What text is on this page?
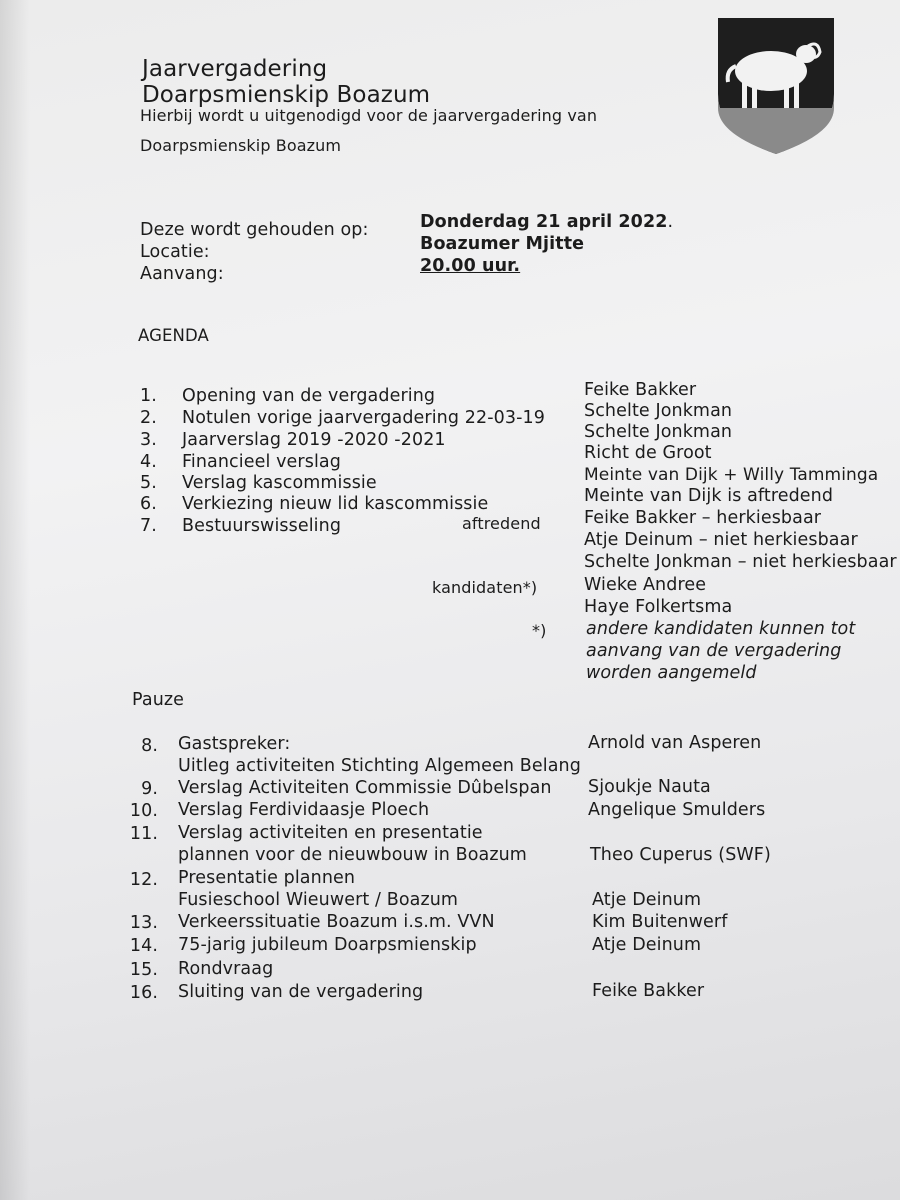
Jaarvergadering
Doarpsmienskip Boazum
Hierbij wordt u uitgenodigd voor de jaarvergadering van
Doarpsmienskip Boazum
Deze wordt gehouden op:	Donderdag 21 april 2022.
Locatie:	Boazumer Mjitte
Aanvang:	20.00 uur.
AGENDA
1. Opening van de vergadering	Feike Bakker
2. Notulen vorige jaarvergadering 22-03-19 Schelte Jonkman
3. Jaarverslag 2019 -2020 -2021	Schelte Jonkman
4. Financieel verslag	Richt de Groot
5. Verslag kascommissie	Meinte van Dijk + Willy Tamminga
6. Verkiezing nieuw lid kascommissie	Meinte van Dijk is aftredend
7. Bestuurswisseling	aftredend Feike Bakker – herkiesbaar
Atje Deinum – niet herkiesbaar
Schelte Jonkman – niet herkiesbaar
kandidaten*)	Wieke Andree
Haye Folkertsma
*) andere kandidaten kunnen tot
aanvang van de vergadering
worden aangemeld
Pauze
8. Gastspreker:
Uitleg activiteiten Stichting Algemeen Belang
Arnold van Asperen
9. Verslag Activiteiten Commissie Dûbelspan Sjoukje Nauta
10. Verslag Ferdividaasje Ploech	Angelique Smulders
11. Verslag activiteiten en presentatie
plannen voor de nieuwbouw in Boazum	Theo Cuperus (SWF)
12. Presentatie plannen
Fusieschool Wieuwert / Boazum	Atje Deinum
13. Verkeerssituatie Boazum i.s.m. VVN	Kim Buitenwerf
14. 75-jarig jubileum Doarpsmienskip	Atje Deinum
15. Rondvraag
16. Sluiting van de vergadering	Feike Bakker
